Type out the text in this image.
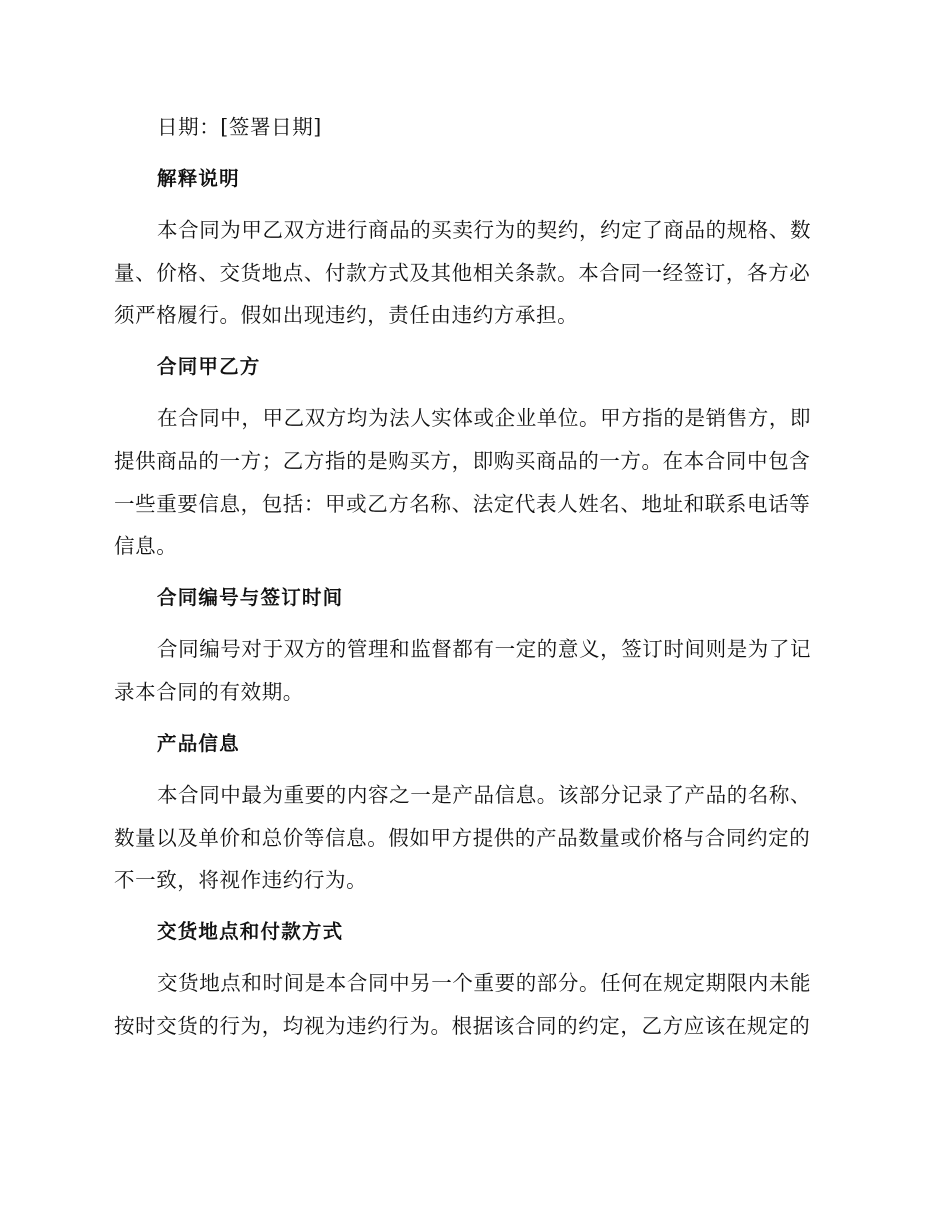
日期：[签署日期]
解释说明
本合同为甲乙双方进行商品的买卖行为的契约，约定了商品的规格、数
量、价格、交货地点、付款方式及其他相关条款。本合同一经签订，各方必
须严格履行。假如出现违约，责任由违约方承担。
合同甲乙方
在合同中，甲乙双方均为法人实体或企业单位。甲方指的是销售方，即
提供商品的一方；乙方指的是购买方，即购买商品的一方。在本合同中包含
一些重要信息，包括：甲或乙方名称、法定代表人姓名、地址和联系电话等
信息。
合同编号与签订时间
合同编号对于双方的管理和监督都有一定的意义，签订时间则是为了记
录本合同的有效期。
产品信息
本合同中最为重要的内容之一是产品信息。该部分记录了产品的名称、
数量以及单价和总价等信息。假如甲方提供的产品数量或价格与合同约定的
不一致，将视作违约行为。
交货地点和付款方式
交货地点和时间是本合同中另一个重要的部分。任何在规定期限内未能
按时交货的行为，均视为违约行为。根据该合同的约定，乙方应该在规定的
